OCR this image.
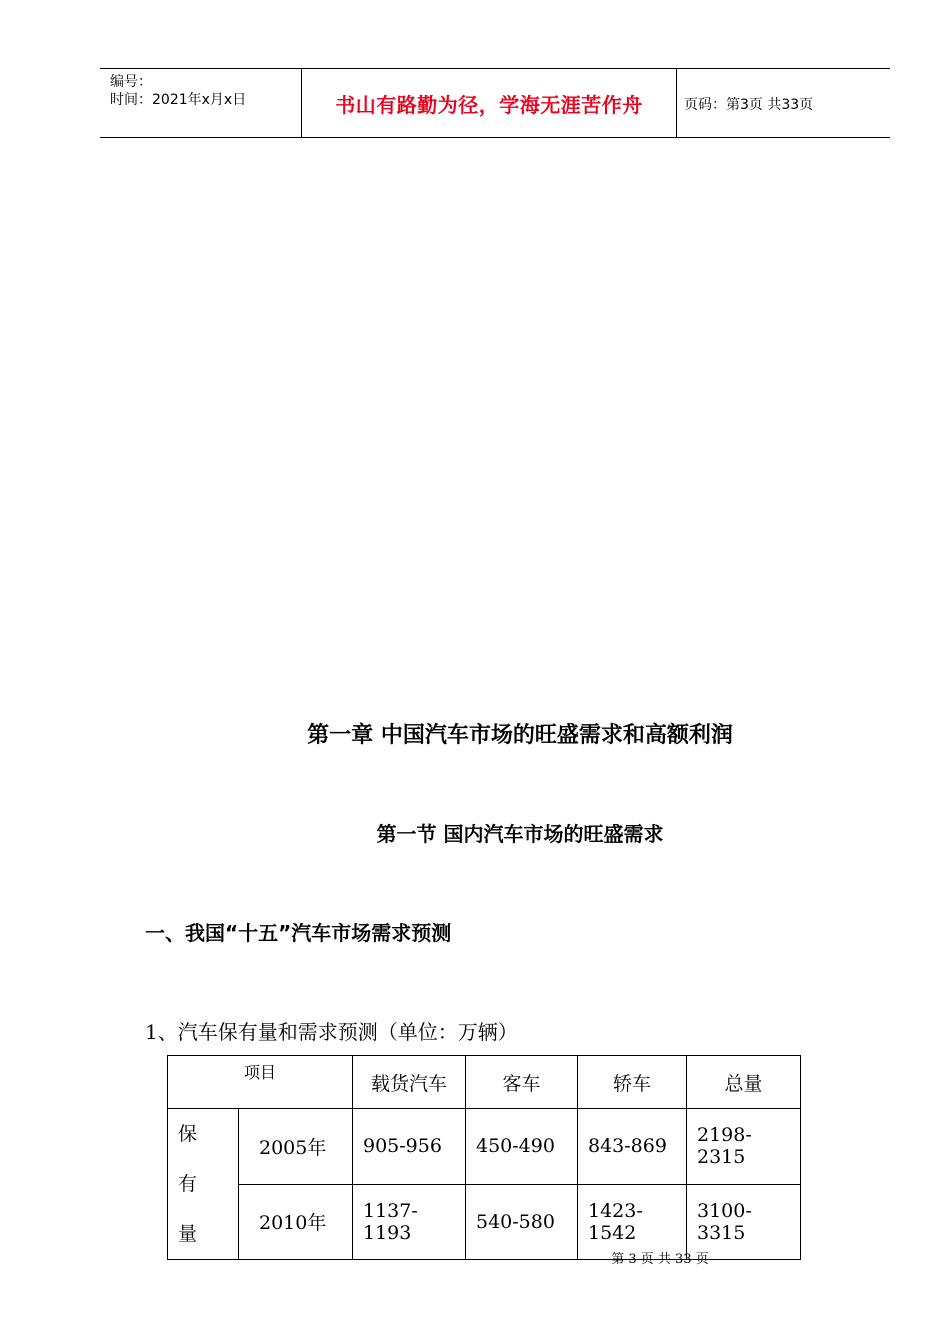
编号：
时间：2021年x月x日	书山有路勤为径，学海无涯苦作舟	页码：第3页 共33页
第一章 中国汽车市场的旺盛需求和高额利润
第一节 国内汽车市场的旺盛需求
一、我国“十五”汽车市场需求预测
1、汽车保有量和需求预测（单位：万辆）
项目		载货汽车	客车	轿车	总量

保 有
量	2005年	905-956	450-490	843-869	2198-2315
	2010年	1137-1193	540-580	1423-1542	3100-3315
第 3 页 共 33 页
